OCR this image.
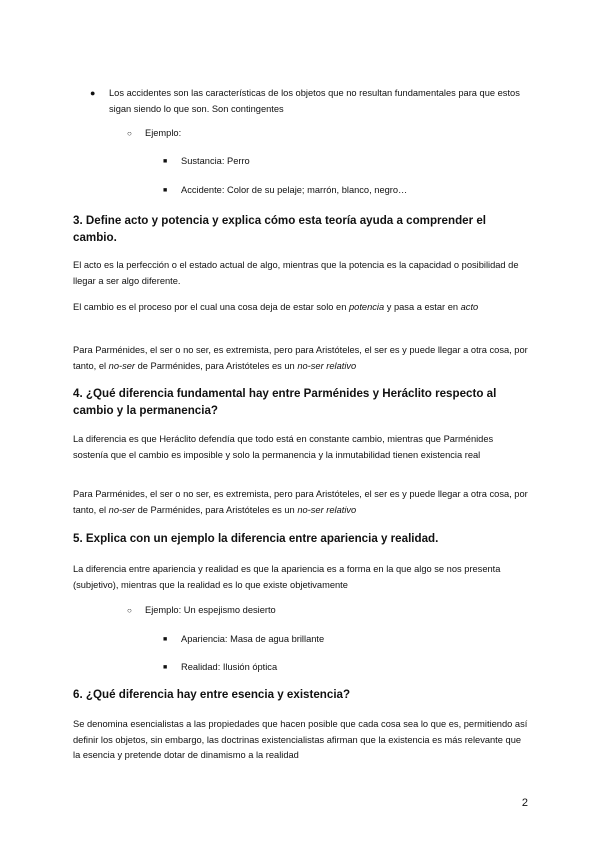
● Los accidentes son las características de los objetos que no resultan fundamentales para que estos sigan siendo lo que son. Son contingentes

○ Ejemplo:

■ Sustancia: Perro

■ Accidente: Color de su pelaje; marrón, blanco, negro…

3. Define acto y potencia y explica cómo esta teoría ayuda a comprender el cambio.

El acto es la perfección o el estado actual de algo, mientras que la potencia es la capacidad o posibilidad de llegar a ser algo diferente.

El cambio es el proceso por el cual una cosa deja de estar solo en potencia y pasa a estar en acto

Para Parménides, el ser o no ser, es extremista, pero para Aristóteles, el ser es y puede llegar a otra cosa, por tanto, el no-ser de Parménides, para Aristóteles es un no-ser relativo

4. ¿Qué diferencia fundamental hay entre Parménides y Heráclito respecto al cambio y la permanencia?

La diferencia es que Heráclito defendía que todo está en constante cambio, mientras que Parménides sostenía que el cambio es imposible y solo la permanencia y la inmutabilidad tienen existencia real

Para Parménides, el ser o no ser, es extremista, pero para Aristóteles, el ser es y puede llegar a otra cosa, por tanto, el no-ser de Parménides, para Aristóteles es un no-ser relativo

5. Explica con un ejemplo la diferencia entre apariencia y realidad.

La diferencia entre apariencia y realidad es que la apariencia es a forma en la que algo se nos presenta (subjetivo), mientras que la realidad es lo que existe objetivamente

○ Ejemplo: Un espejismo desierto

■ Apariencia: Masa de agua brillante

■ Realidad: Ilusión óptica

6. ¿Qué diferencia hay entre esencia y existencia?

Se denomina esencialistas a las propiedades que hacen posible que cada cosa sea lo que es, permitiendo así definir los objetos, sin embargo, las doctrinas existencialistas afirman que la existencia es más relevante que la esencia y pretende dotar de dinamismo a la realidad

2
